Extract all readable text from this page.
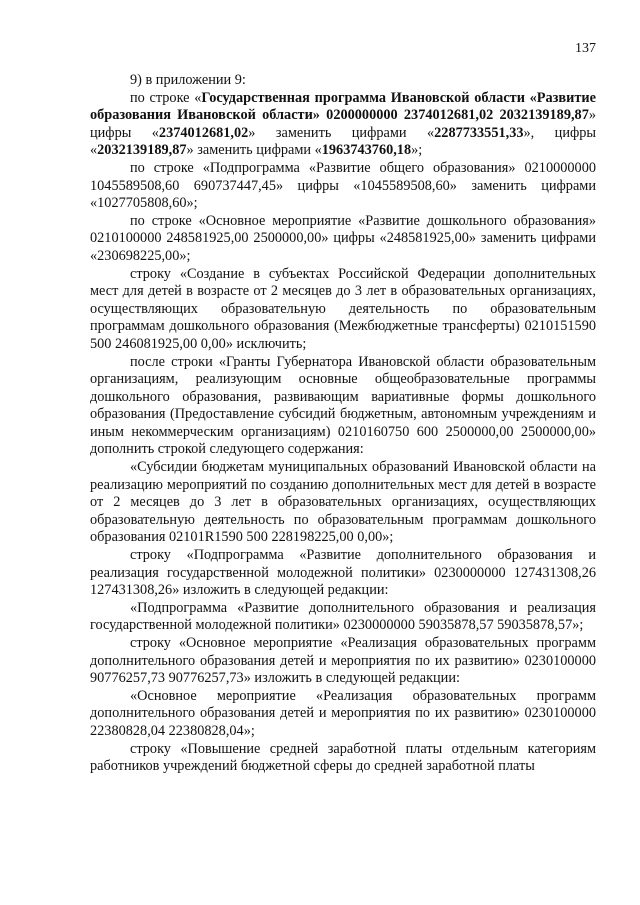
137

9) в приложении 9:

по строке «Государственная программа Ивановской области «Развитие образования Ивановской области» 0200000000 2374012681,02 2032139189,87» цифры «2374012681,02» заменить цифрами «2287733551,33», цифры «2032139189,87» заменить цифрами «1963743760,18»;

по строке «Подпрограмма «Развитие общего образования» 0210000000 1045589508,60 690737447,45» цифры «1045589508,60» заменить цифрами «1027705808,60»;

по строке «Основное мероприятие «Развитие дошкольного образования» 0210100000 248581925,00 2500000,00» цифры «248581925,00» заменить цифрами «230698225,00»;

строку «Создание в субъектах Российской Федерации дополнительных мест для детей в возрасте от 2 месяцев до 3 лет в образовательных организациях, осуществляющих образовательную деятельность по образовательным программам дошкольного образования (Межбюджетные трансферты) 0210151590 500 246081925,00 0,00» исключить;

после строки «Гранты Губернатора Ивановской области образовательным организациям, реализующим основные общеобразовательные программы дошкольного образования, развивающим вариативные формы дошкольного образования (Предоставление субсидий бюджетным, автономным учреждениям и иным некоммерческим организациям) 0210160750 600 2500000,00 2500000,00» дополнить строкой следующего содержания:

«Субсидии бюджетам муниципальных образований Ивановской области на реализацию мероприятий по созданию дополнительных мест для детей в возрасте от 2 месяцев до 3 лет в образовательных организациях, осуществляющих образовательную деятельность по образовательным программам дошкольного образования 02101R1590 500 228198225,00 0,00»;

строку «Подпрограмма «Развитие дополнительного образования и реализация государственной молодежной политики» 0230000000 127431308,26 127431308,26» изложить в следующей редакции:

«Подпрограмма «Развитие дополнительного образования и реализация государственной молодежной политики» 0230000000 59035878,57 59035878,57»;

строку «Основное мероприятие «Реализация образовательных программ дополнительного образования детей и мероприятия по их развитию» 0230100000 90776257,73 90776257,73» изложить в следующей редакции:

«Основное мероприятие «Реализация образовательных программ дополнительного образования детей и мероприятия по их развитию» 0230100000 22380828,04 22380828,04»;

строку «Повышение средней заработной платы отдельным категориям работников учреждений бюджетной сферы до средней заработной платы
